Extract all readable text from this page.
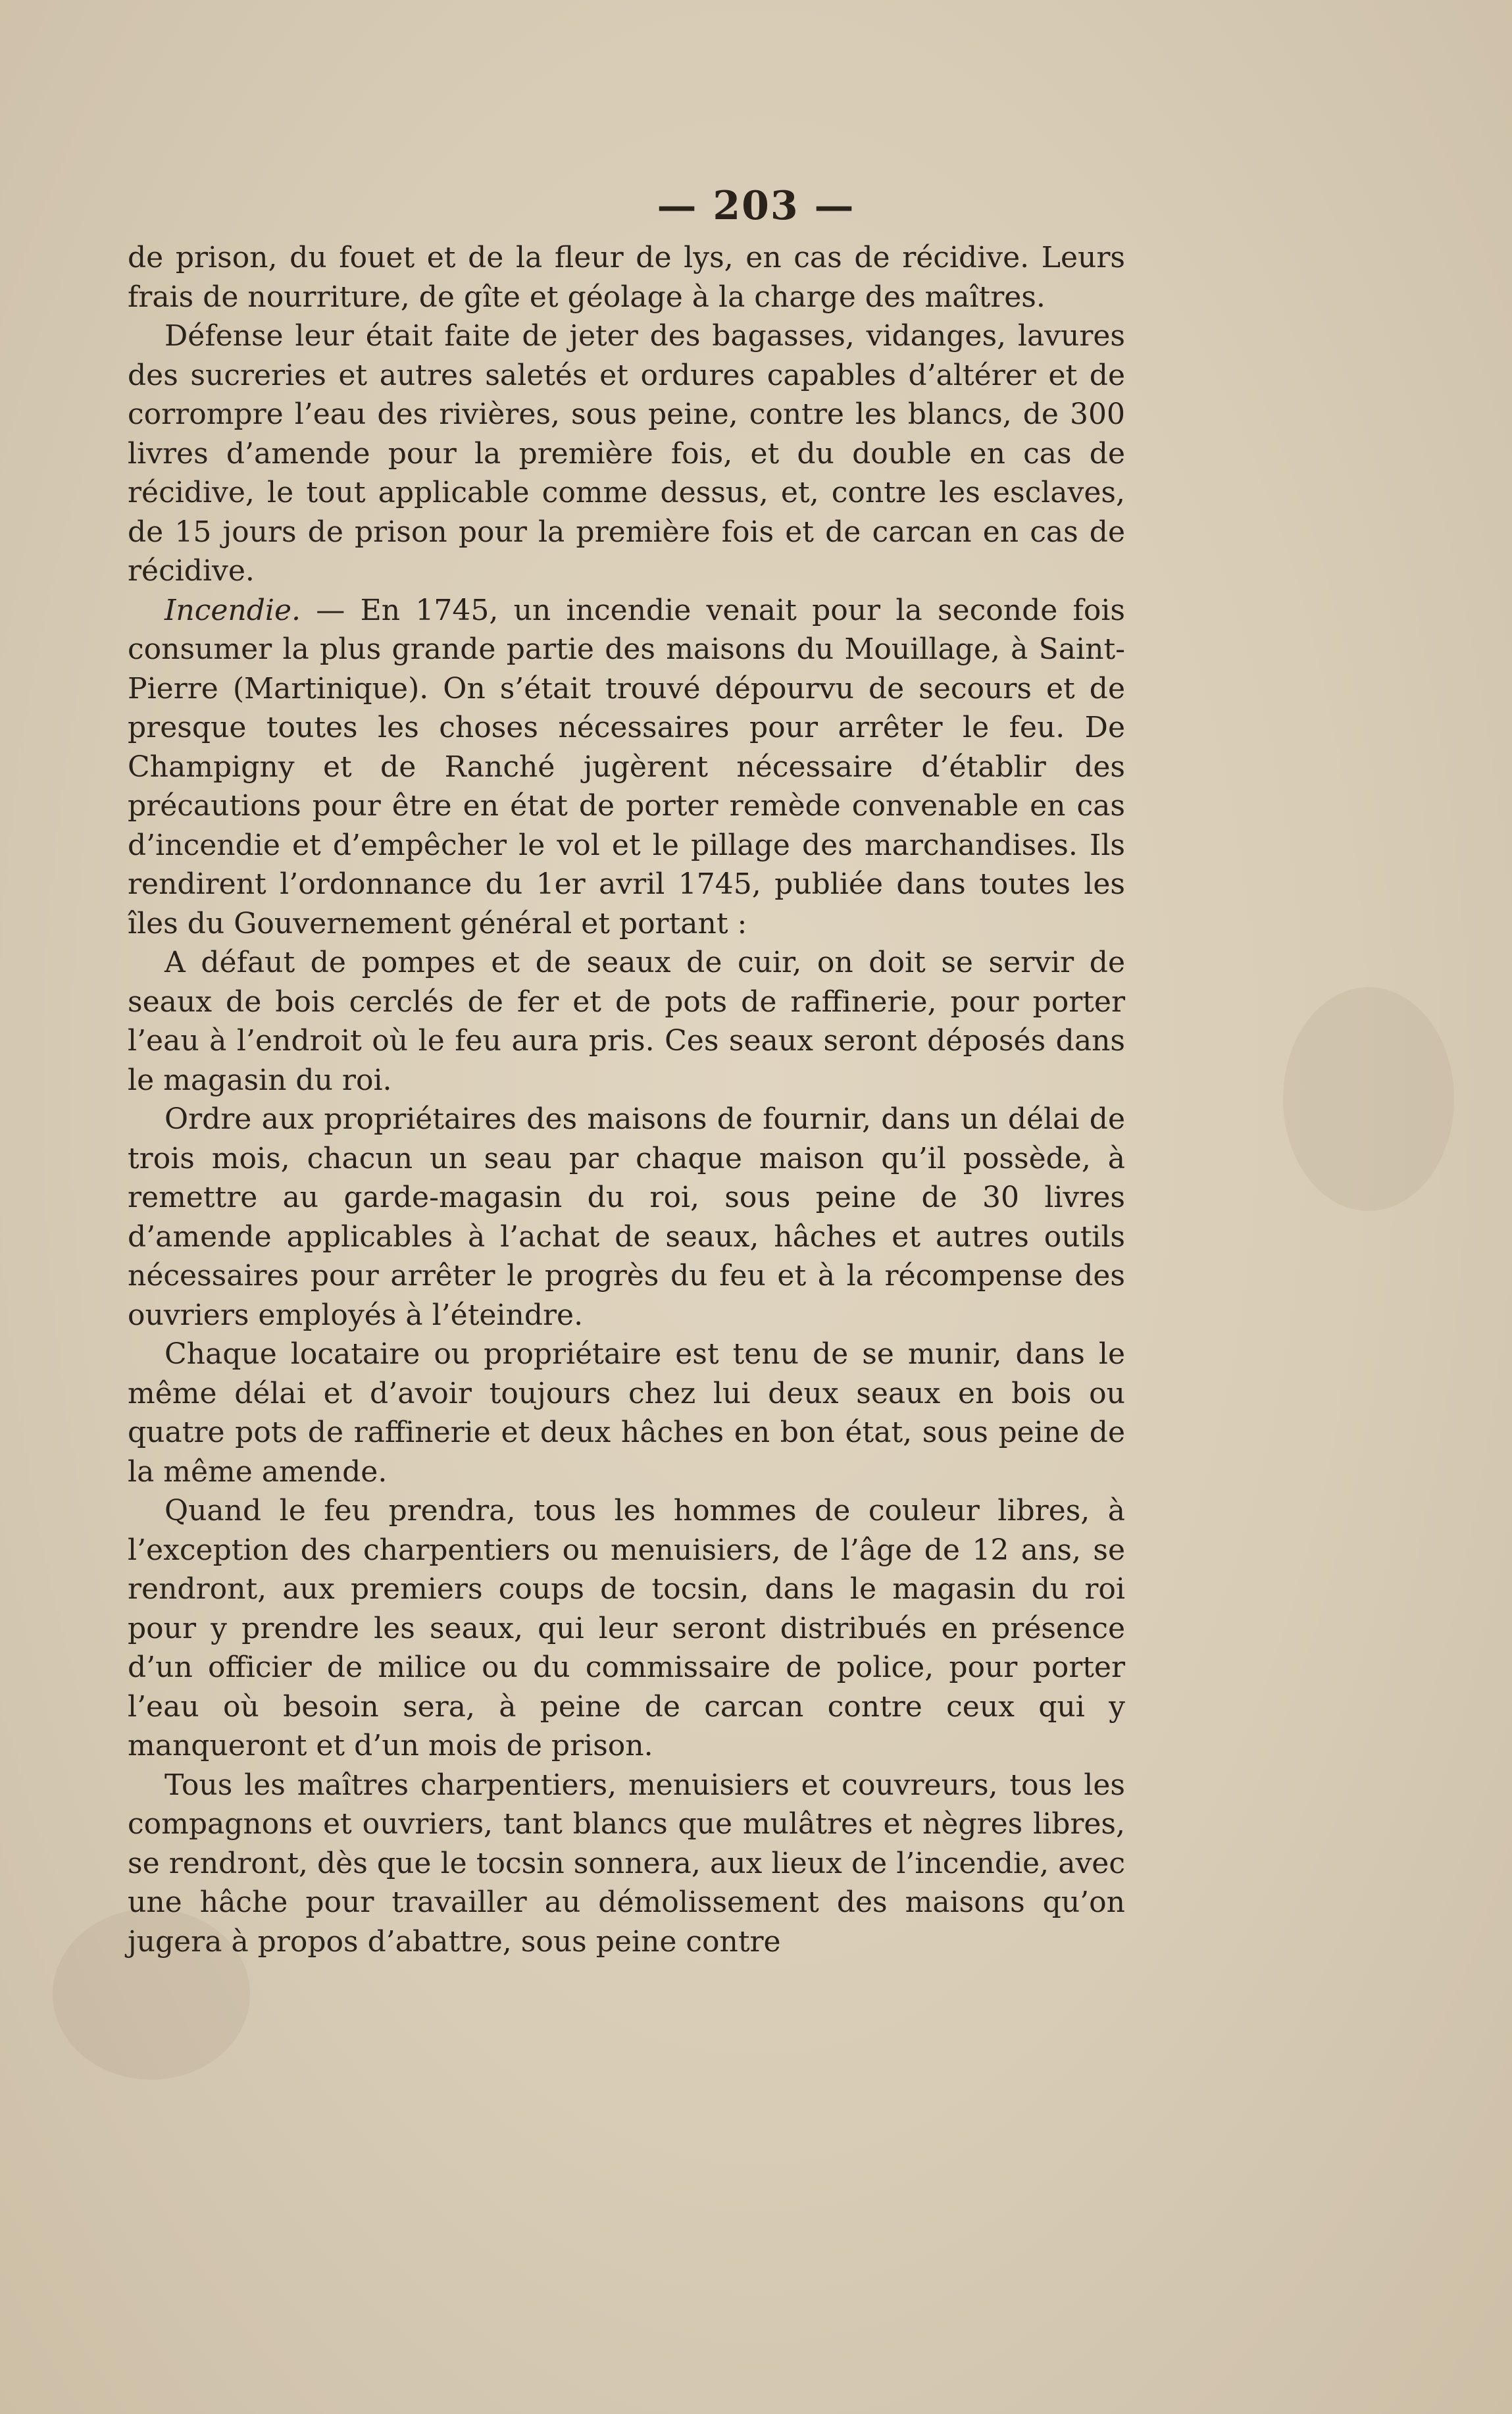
— 203 —

de prison, du fouet et de la fleur de lys, en cas de récidive. Leurs frais de nourriture, de gîte et géolage à la charge des maîtres.

Défense leur était faite de jeter des bagasses, vidanges, lavures des sucreries et autres saletés et ordures capables d’altérer et de corrompre l’eau des rivières, sous peine, contre les blancs, de 300 livres d’amende pour la première fois, et du double en cas de récidive, le tout applicable comme dessus, et, contre les esclaves, de 15 jours de prison pour la première fois et de carcan en cas de récidive.

Incendie. — En 1745, un incendie venait pour la seconde fois consumer la plus grande partie des maisons du Mouillage, à Saint-Pierre (Martinique). On s’était trouvé dépourvu de secours et de presque toutes les choses nécessaires pour arrêter le feu. De Champigny et de Ranché jugèrent nécessaire d’établir des précautions pour être en état de porter remède convenable en cas d’incendie et d’empêcher le vol et le pillage des marchandises. Ils rendirent l’ordonnance du 1er avril 1745, publiée dans toutes les îles du Gouvernement général et portant :

A défaut de pompes et de seaux de cuir, on doit se servir de seaux de bois cerclés de fer et de pots de raffinerie, pour porter l’eau à l’endroit où le feu aura pris. Ces seaux seront déposés dans le magasin du roi.

Ordre aux propriétaires des maisons de fournir, dans un délai de trois mois, chacun un seau par chaque maison qu’il possède, à remettre au garde-magasin du roi, sous peine de 30 livres d’amende applicables à l’achat de seaux, hâches et autres outils nécessaires pour arrêter le progrès du feu et à la récompense des ouvriers employés à l’éteindre.

Chaque locataire ou propriétaire est tenu de se munir, dans le même délai et d’avoir toujours chez lui deux seaux en bois ou quatre pots de raffinerie et deux hâches en bon état, sous peine de la même amende.

Quand le feu prendra, tous les hommes de couleur libres, à l’exception des charpentiers ou menuisiers, de l’âge de 12 ans, se rendront, aux premiers coups de tocsin, dans le magasin du roi pour y prendre les seaux, qui leur seront distribués en présence d’un officier de milice ou du commissaire de police, pour porter l’eau où besoin sera, à peine de carcan contre ceux qui y manqueront et d’un mois de prison.

Tous les maîtres charpentiers, menuisiers et couvreurs, tous les compagnons et ouvriers, tant blancs que mulâtres et nègres libres, se rendront, dès que le tocsin sonnera, aux lieux de l’incendie, avec une hâche pour travailler au démolissement des maisons qu’on jugera à propos d’abattre, sous peine contre
